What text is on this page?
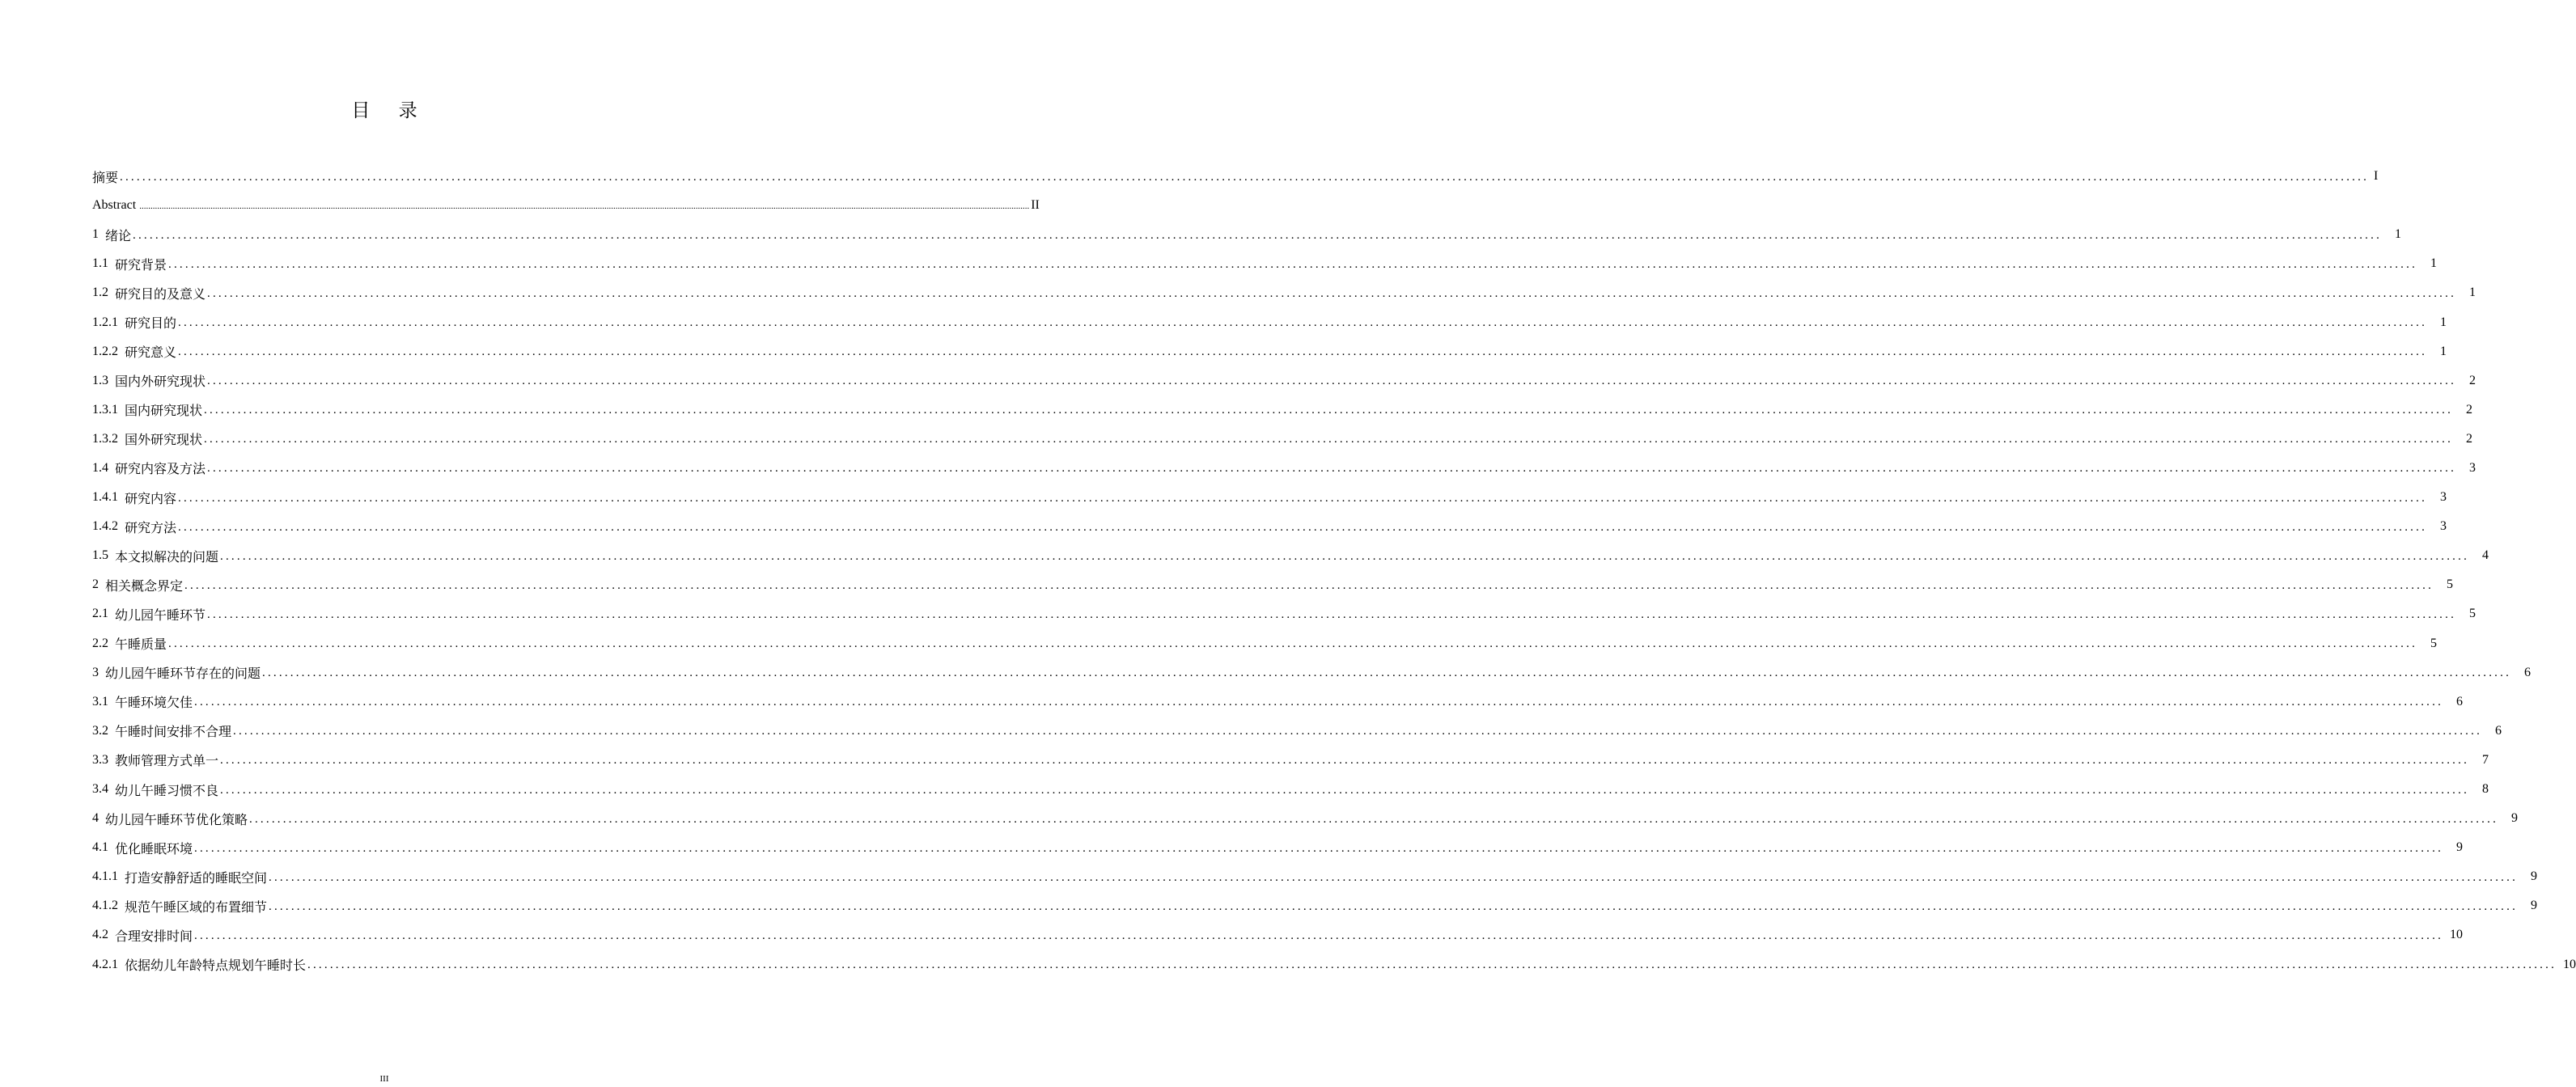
目 录
摘要 ................................................................................................................................................................................................................................................................................................................................................................................................................ I
Abstract ................................................................................................................................................................................................................................................................................................................................................................................................................ II
1 绪论 ................................................................................................................................................................................................................................................................................................................................................................................................................	1
1.1 研究背景 ................................................................................................................................................................................................................................................................................................................................................................................................................	1
1.2 研究目的及意义 ................................................................................................................................................................................................................................................................................................................................................................................................................	1
1.2.1 研究目的 ................................................................................................................................................................................................................................................................................................................................................................................................................	1
1.2.2 研究意义 ................................................................................................................................................................................................................................................................................................................................................................................................................	1
1.3 国内外研究现状 ................................................................................................................................................................................................................................................................................................................................................................................................................	2
1.3.1 国内研究现状 ................................................................................................................................................................................................................................................................................................................................................................................................................	2
1.3.2 国外研究现状 ................................................................................................................................................................................................................................................................................................................................................................................................................	2
1.4 研究内容及方法 ................................................................................................................................................................................................................................................................................................................................................................................................................	3
1.4.1 研究内容 ................................................................................................................................................................................................................................................................................................................................................................................................................	3
1.4.2 研究方法 ................................................................................................................................................................................................................................................................................................................................................................................................................	3
1.5 本文拟解决的问题 ................................................................................................................................................................................................................................................................................................................................................................................................................	4
2 相关概念界定 ................................................................................................................................................................................................................................................................................................................................................................................................................	5
2.1 幼儿园午睡环节 ................................................................................................................................................................................................................................................................................................................................................................................................................	5
2.2 午睡质量 ................................................................................................................................................................................................................................................................................................................................................................................................................	5
3 幼儿园午睡环节存在的问题 ................................................................................................................................................................................................................................................................................................................................................................................................................	6
3.1 午睡环境欠佳 ................................................................................................................................................................................................................................................................................................................................................................................................................	6
3.2 午睡时间安排不合理 ................................................................................................................................................................................................................................................................................................................................................................................................................	6
3.3 教师管理方式单一 ................................................................................................................................................................................................................................................................................................................................................................................................................	7
3.4 幼儿午睡习惯不良 ................................................................................................................................................................................................................................................................................................................................................................................................................	8
4 幼儿园午睡环节优化策略 ................................................................................................................................................................................................................................................................................................................................................................................................................	9
4.1 优化睡眠环境 ................................................................................................................................................................................................................................................................................................................................................................................................................	9
4.1.1 打造安静舒适的睡眠空间 ................................................................................................................................................................................................................................................................................................................................................................................................................	9
4.1.2 规范午睡区域的布置细节 ................................................................................................................................................................................................................................................................................................................................................................................................................	9
4.2 合理安排时间 ................................................................................................................................................................................................................................................................................................................................................................................................................ 10
4.2.1 依据幼儿年龄特点规划午睡时长 ................................................................................................................................................................................................................................................................................................................................................................................................................ 10
III
